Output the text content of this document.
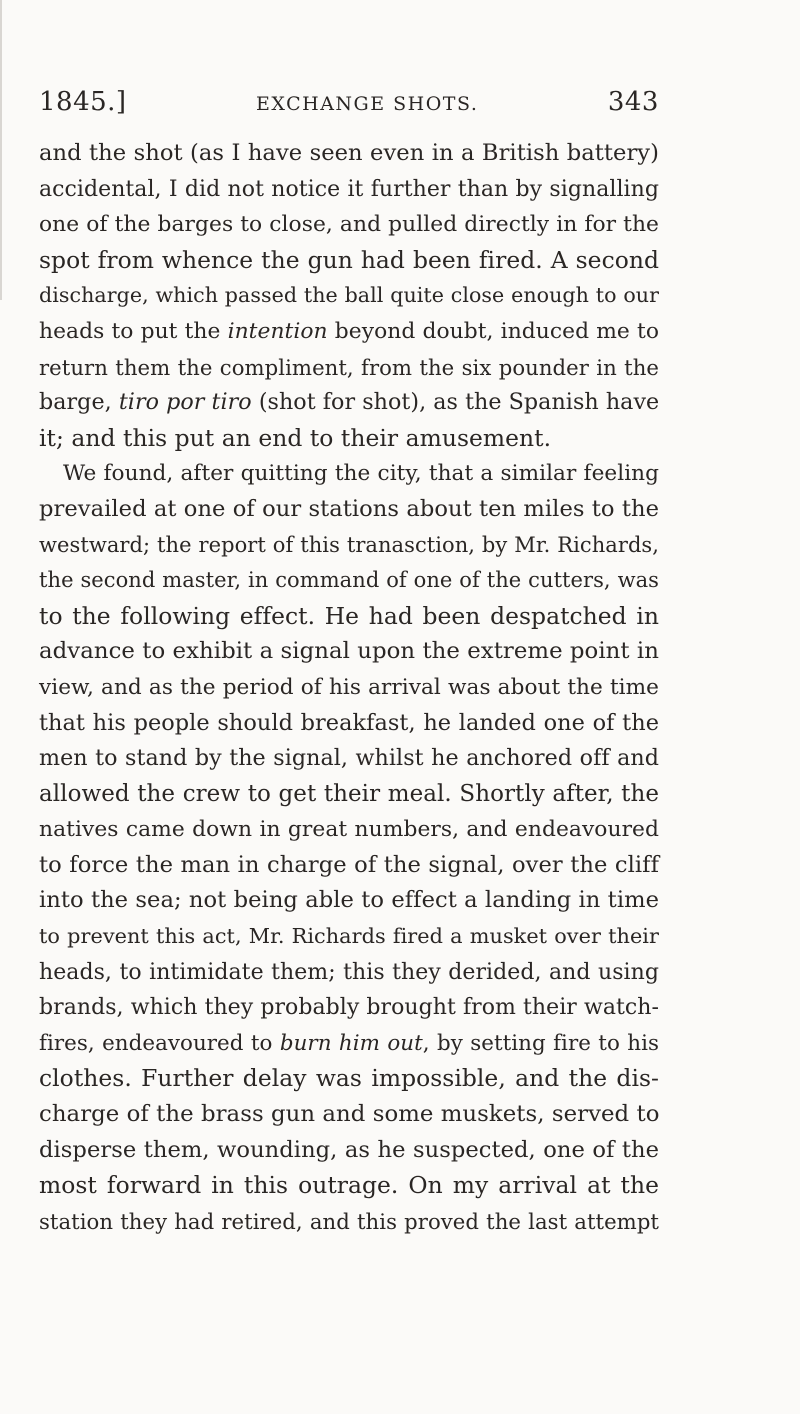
1845.]	EXCHANGE SHOTS.	343
and the shot (as I have seen even in a British battery)
accidental, I did not notice it further than by signalling
one of the barges to close, and pulled directly in for the
spot from whence the gun had been fired. A second
discharge, which passed the ball quite close enough to our
heads to put the intention beyond doubt, induced me to
return them the compliment, from the six pounder in the
barge, tiro por tiro (shot for shot), as the Spanish have
it; and this put an end to their amusement.
We found, after quitting the city, that a similar feeling
prevailed at one of our stations about ten miles to the
westward; the report of this tranasction, by Mr. Richards,
the second master, in command of one of the cutters, was
to the following effect. He had been despatched in
advance to exhibit a signal upon the extreme point in
view, and as the period of his arrival was about the time
that his people should breakfast, he landed one of the
men to stand by the signal, whilst he anchored off and
allowed the crew to get their meal. Shortly after, the
natives came down in great numbers, and endeavoured
to force the man in charge of the signal, over the cliff
into the sea; not being able to effect a landing in time
to prevent this act, Mr. Richards fired a musket over their
heads, to intimidate them; this they derided, and using
brands, which they probably brought from their watch-
fires, endeavoured to burn him out, by setting fire to his
clothes. Further delay was impossible, and the dis-
charge of the brass gun and some muskets, served to
disperse them, wounding, as he suspected, one of the
most forward in this outrage. On my arrival at the
station they had retired, and this proved the last attempt
